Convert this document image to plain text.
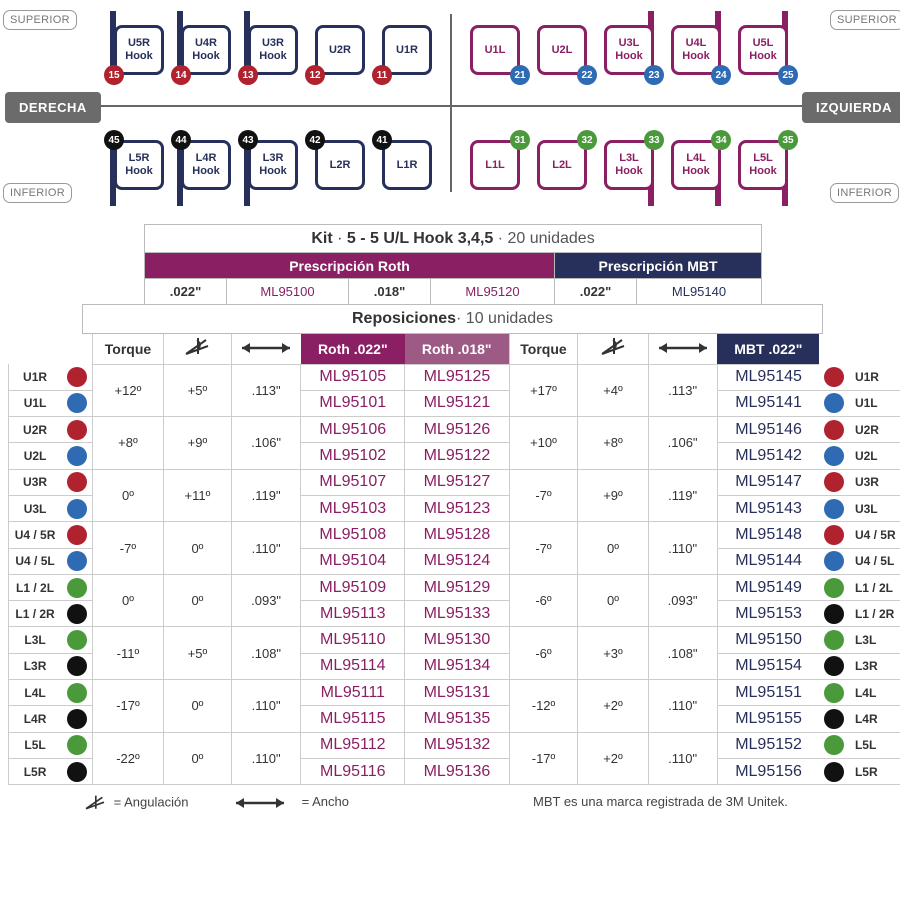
SUPERIOR	SUPERIOR
INFERIOR	INFERIOR
DERECHA	IZQUIERDA
U5R
Hook
15
U4R
Hook
14
U3R
Hook
13
U2R
12
U1R
11
U1L
21
U2L
22
U3L
Hook
23
U4L
Hook
24
U5L
Hook
25
L5R
Hook
45
L4R
Hook
44
L3R
Hook
43
L2R
42
L1R
41
L1L
31
L2L
32
L3L
Hook
33
L4L
Hook
34
L5L
Hook
35
Kit · 5 - 5 U/L Hook 3,4,5 · 20 unidades					
Prescripción Roth				Prescripción MBT	
.022"	ML95100	.018"	ML95120	.022"	ML95140
Reposiciones · 10 unidades
		Torque			Roth .022"	Roth .018"	Torque			MBT .022"		
U1R		+12º	+5º	.113"	ML95105	ML95125	+17º	+4º	.113"	ML95145		U1R
U1L					ML95101	ML95121				ML95141		U1L
U2R		+8º	+9º	.106"	ML95106	ML95126	+10º	+8º	.106"	ML95146		U2R
U2L					ML95102	ML95122				ML95142		U2L
U3R		0º	+11º	.119"	ML95107	ML95127	-7º	+9º	.119"	ML95147		U3R
U3L					ML95103	ML95123				ML95143		U3L
U4 / 5R		-7º	0º	.110"	ML95108	ML95128	-7º	0º	.110"	ML95148		U4 / 5R
U4 / 5L					ML95104	ML95124				ML95144		U4 / 5L
L1 / 2L		0º	0º	.093"	ML95109	ML95129	-6º	0º	.093"	ML95149		L1 / 2L
L1 / 2R					ML95113	ML95133				ML95153		L1 / 2R
L3L		-11º	+5º	.108"	ML95110	ML95130	-6º	+3º	.108"	ML95150		L3L
L3R					ML95114	ML95134				ML95154		L3R
L4L		-17º	0º	.110"	ML95111	ML95131	-12º	+2º	.110"	ML95151		L4L
L4R					ML95115	ML95135				ML95155		L4R
L5L		-22º	0º	.110"	ML95112	ML95132	-17º	+2º	.110"	ML95152		L5L
L5R					ML95116	ML95136				ML95156		L5R
= Angulación	= Ancho	MBT es una marca registrada de 3M Unitek.
